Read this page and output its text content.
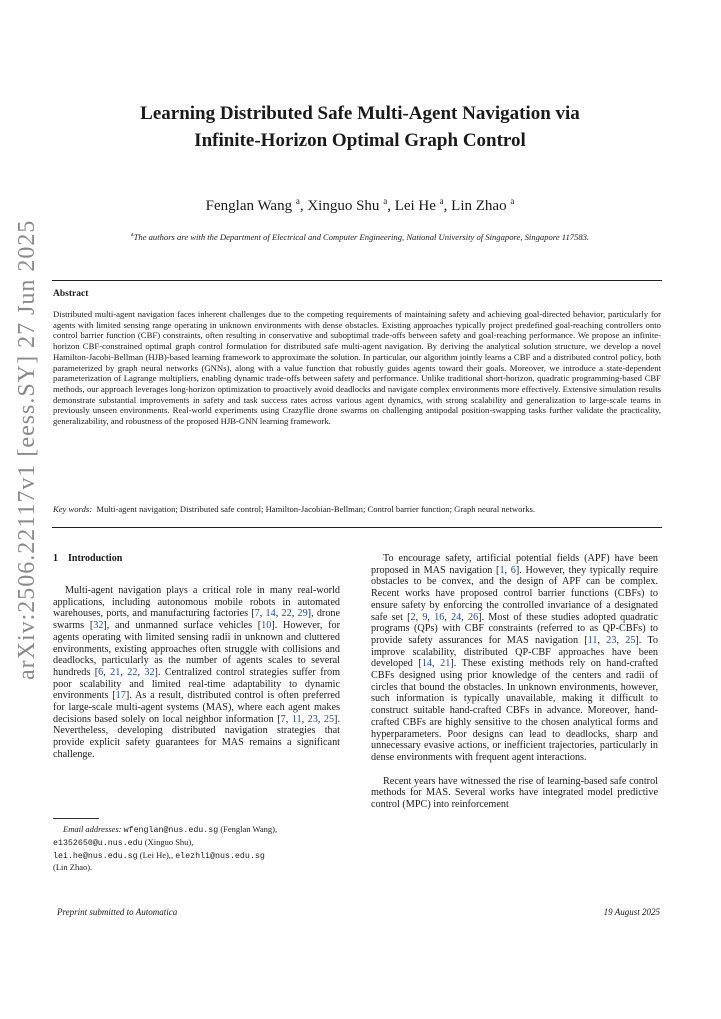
arXiv:2506.22117v1 [eess.SY] 27 Jun 2025
Learning Distributed Safe Multi-Agent Navigation via
Infinite-Horizon Optimal Graph Control
Fenglan Wang $^a$, Xinguo Shu $^a$, Lei He $^a$, Lin Zhao $^a$
$^a$The authors are with the Department of Electrical and Computer Engineering, National University of Singapore, Singapore 117583.
Abstract
Distributed multi-agent navigation faces inherent challenges due to the competing requirements of maintaining safety and achieving goal-directed behavior, particularly for agents with limited sensing range operating in unknown environments with dense obstacles. Existing approaches typically project predefined goal-reaching controllers onto control barrier function (CBF) constraints, often resulting in conservative and suboptimal trade-offs between safety and goal-reaching performance. We propose an infinite-horizon CBF-constrained optimal graph control formulation for distributed safe multi-agent navigation. By deriving the analytical solution structure, we develop a novel Hamilton-Jacobi-Bellman (HJB)-based learning framework to approximate the solution. In particular, our algorithm jointly learns a CBF and a distributed control policy, both parameterized by graph neural networks (GNNs), along with a value function that robustly guides agents toward their goals. Moreover, we introduce a state-dependent parameterization of Lagrange multipliers, enabling dynamic trade-offs between safety and performance. Unlike traditional short-horizon, quadratic programming-based CBF methods, our approach leverages long-horizon optimization to proactively avoid deadlocks and navigate complex environments more effectively. Extensive simulation results demonstrate substantial improvements in safety and task success rates across various agent dynamics, with strong scalability and generalization to large-scale teams in previously unseen environments. Real-world experiments using Crazyflie drone swarms on challenging antipodal position-swapping tasks further validate the practicality, generalizability, and robustness of the proposed HJB-GNN learning framework.
Key words: Multi-agent navigation; Distributed safe control; Hamilton-Jacobian-Bellman; Control barrier function; Graph neural networks.
1 Introduction

Multi-agent navigation plays a critical role in many real-world applications, including autonomous mobile robots in automated warehouses, ports, and manufacturing factories [7, 14, 22, 29], drone swarms [32], and unmanned surface vehicles [10]. However, for agents operating with limited sensing radii in unknown and cluttered environments, existing approaches often struggle with collisions and deadlocks, particularly as the number of agents scales to several hundreds [6, 21, 22, 32]. Centralized control strategies suffer from poor scalability and limited real-time adaptability to dynamic environments [17]. As a result, distributed control is often preferred for large-scale multi-agent systems (MAS), where each agent makes decisions based solely on local neighbor information [7, 11, 23, 25]. Nevertheless, developing distributed navigation strategies that provide explicit safety guarantees for MAS remains a significant challenge.

To encourage safety, artificial potential fields (APF) have been proposed in MAS navigation [1, 6]. However, they typically require obstacles to be convex, and the design of APF can be complex. Recent works have proposed control barrier functions (CBFs) to ensure safety by enforcing the controlled invariance of a designated safe set [2, 9, 16, 24, 26]. Most of these studies adopted quadratic programs (QPs) with CBF constraints (referred to as QP-CBFs) to provide safety assurances for MAS navigation [11, 23, 25]. To improve scalability, distributed QP-CBF approaches have been developed [14, 21]. These existing methods rely on hand-crafted CBFs designed using prior knowledge of the centers and radii of circles that bound the obstacles. In unknown environments, however, such information is typically unavailable, making it difficult to construct suitable hand-crafted CBFs in advance. Moreover, hand-crafted CBFs are highly sensitive to the chosen analytical forms and hyperparameters. Poor designs can lead to deadlocks, sharp and unnecessary evasive actions, or inefficient trajectories, particularly in dense environments with frequent agent interactions.

Recent years have witnessed the rise of learning-based safe control methods for MAS. Several works have integrated model predictive control (MPC) into reinforcement

Email addresses: wfenglan@nus.edu.sg (Fenglan Wang), e1352650@u.nus.edu (Xinguo Shu),
lei.he@nus.edu.sg (Lei He),, elezhli@nus.edu.sg
(Lin Zhao).
Preprint submitted to Automatica	19 August 2025
